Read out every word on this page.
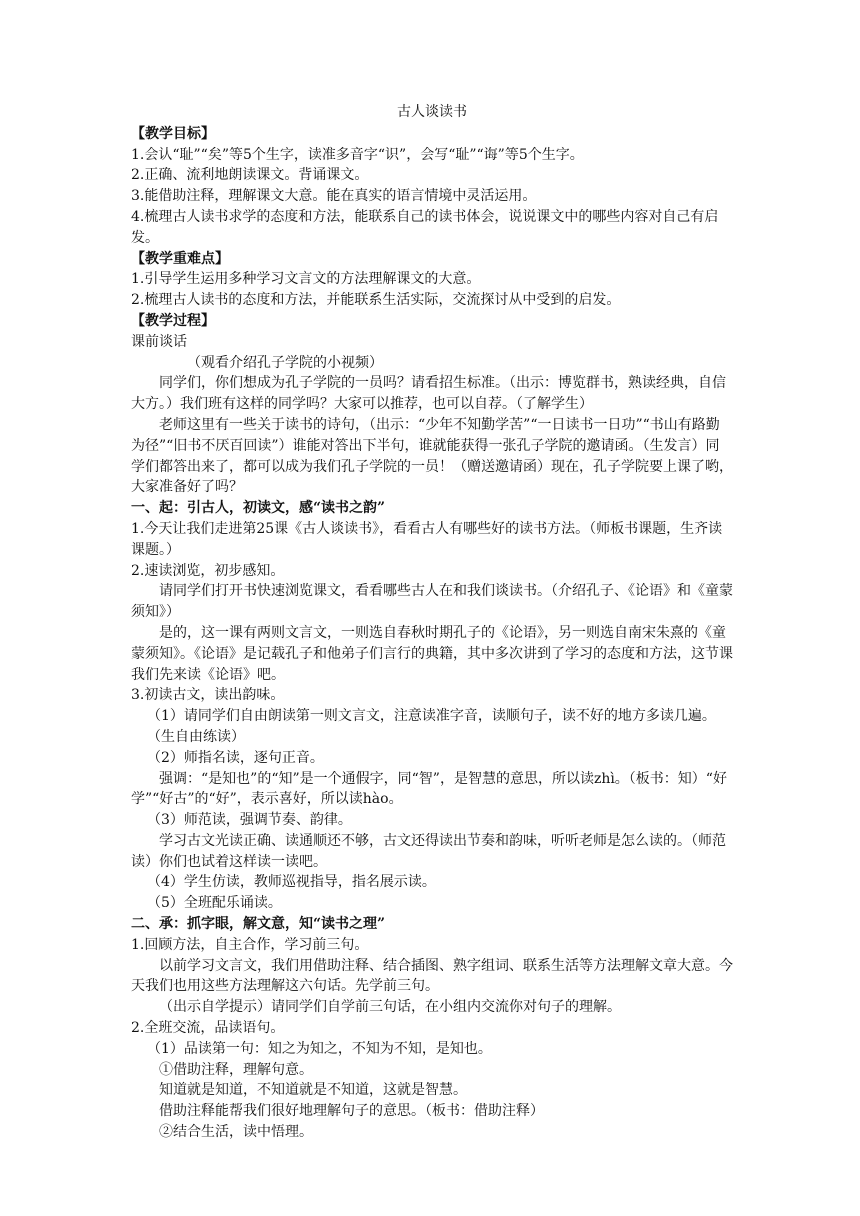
古人谈读书

【教学目标】

1.会认“耻”“矣”等5个生字，读准多音字“识”，会写“耻”“诲”等5个生字。

2.正确、流利地朗读课文。背诵课文。

3.能借助注释，理解课文大意。能在真实的语言情境中灵活运用。

4.梳理古人读书求学的态度和方法，能联系自己的读书体会，说说课文中的哪些内容对自己有启发。

【教学重难点】

1.引导学生运用多种学习文言文的方法理解课文的大意。

2.梳理古人读书的态度和方法，并能联系生活实际，交流探讨从中受到的启发。

【教学过程】

课前谈话

（观看介绍孔子学院的小视频）

同学们，你们想成为孔子学院的一员吗？请看招生标准。（出示：博览群书，熟读经典，自信大方。）我们班有这样的同学吗？大家可以推荐，也可以自荐。（了解学生）

老师这里有一些关于读书的诗句，（出示：“少年不知勤学苦”“一日读书一日功”“书山有路勤为径”“旧书不厌百回读”）谁能对答出下半句，谁就能获得一张孔子学院的邀请函。（生发言）同学们都答出来了，都可以成为我们孔子学院的一员！（赠送邀请函）现在，孔子学院要上课了哟，大家准备好了吗？

一、起：引古人，初读文，感“读书之韵”

1.今天让我们走进第25课《古人谈读书》，看看古人有哪些好的读书方法。（师板书课题，生齐读课题。）

2.速读浏览，初步感知。

请同学们打开书快速浏览课文，看看哪些古人在和我们谈读书。（介绍孔子、《论语》和《童蒙须知》）

是的，这一课有两则文言文，一则选自春秋时期孔子的《论语》，另一则选自南宋朱熹的《童蒙须知》。《论语》是记载孔子和他弟子们言行的典籍，其中多次讲到了学习的态度和方法，这节课我们先来读《论语》吧。

3.初读古文，读出韵味。

（1）请同学们自由朗读第一则文言文，注意读准字音，读顺句子，读不好的地方多读几遍。（生自由练读）

（2）师指名读，逐句正音。

强调：“是知也”的“知”是一个通假字，同“智”，是智慧的意思，所以读zhì。（板书：知）“好学”“好古”的“好”，表示喜好，所以读hào。

（3）师范读，强调节奏、韵律。

学习古文光读正确、读通顺还不够，古文还得读出节奏和韵味，听听老师是怎么读的。（师范读）你们也试着这样读一读吧。

（4）学生仿读，教师巡视指导，指名展示读。

（5）全班配乐诵读。

二、承：抓字眼，解文意，知“读书之理”

1.回顾方法，自主合作，学习前三句。

以前学习文言文，我们用借助注释、结合插图、熟字组词、联系生活等方法理解文章大意。今天我们也用这些方法理解这六句话。先学前三句。

（出示自学提示）请同学们自学前三句话，在小组内交流你对句子的理解。

2.全班交流，品读语句。

（1）品读第一句：知之为知之，不知为不知，是知也。

①借助注释，理解句意。

知道就是知道，不知道就是不知道，这就是智慧。

借助注释能帮我们很好地理解句子的意思。（板书：借助注释）

②结合生活，读中悟理。
